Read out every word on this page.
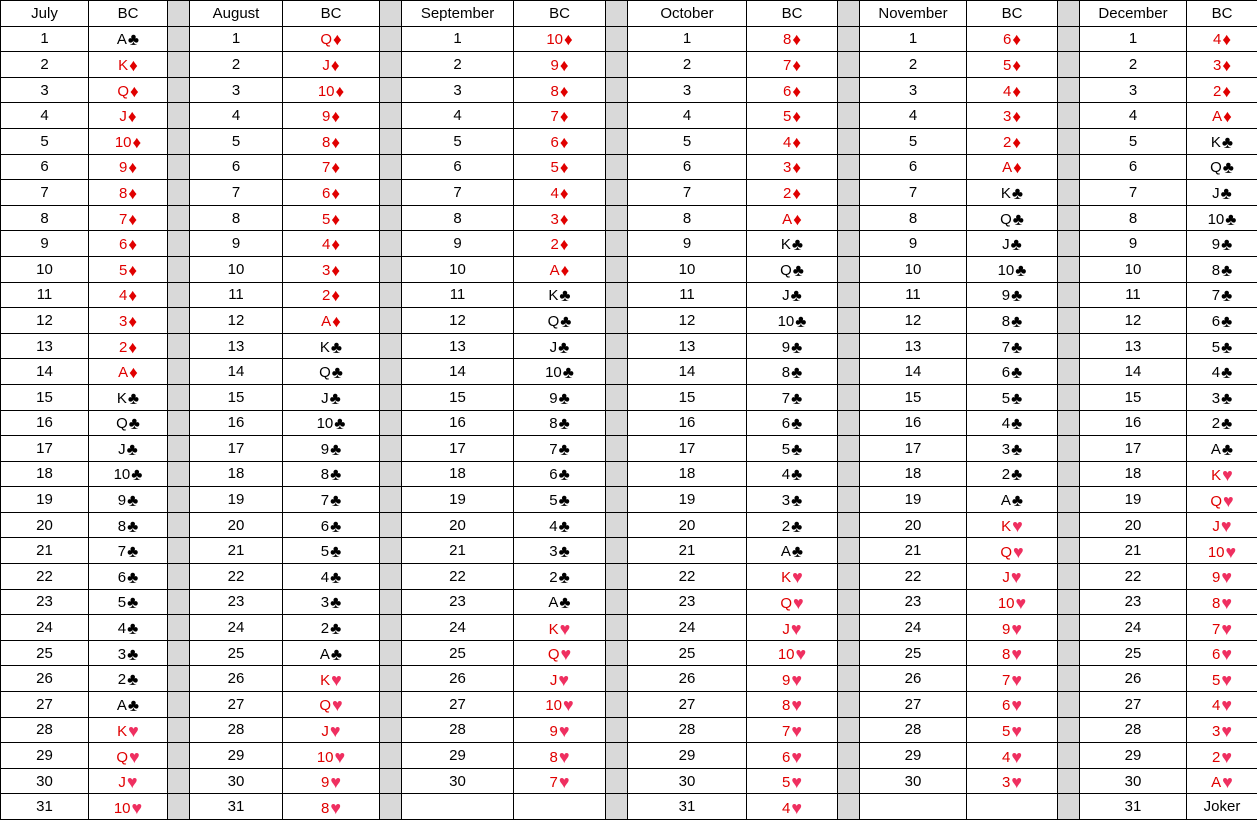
July	BC		August	BC		September	BC		October	BC		November	BC		December	BC
1	A♣		1	Q♦		1	10♦		1	8♦		1	6♦		1	4♦
2	K♦		2	J♦		2	9♦		2	7♦		2	5♦		2	3♦
3	Q♦		3	10♦		3	8♦		3	6♦		3	4♦		3	2♦
4	J♦		4	9♦		4	7♦		4	5♦		4	3♦		4	A♦
5	10♦		5	8♦		5	6♦		5	4♦		5	2♦		5	K♣
6	9♦		6	7♦		6	5♦		6	3♦		6	A♦		6	Q♣
7	8♦		7	6♦		7	4♦		7	2♦		7	K♣		7	J♣
8	7♦		8	5♦		8	3♦		8	A♦		8	Q♣		8	10♣
9	6♦		9	4♦		9	2♦		9	K♣		9	J♣		9	9♣
10	5♦		10	3♦		10	A♦		10	Q♣		10	10♣		10	8♣
11	4♦		11	2♦		11	K♣		11	J♣		11	9♣		11	7♣
12	3♦		12	A♦		12	Q♣		12	10♣		12	8♣		12	6♣
13	2♦		13	K♣		13	J♣		13	9♣		13	7♣		13	5♣
14	A♦		14	Q♣		14	10♣		14	8♣		14	6♣		14	4♣
15	K♣		15	J♣		15	9♣		15	7♣		15	5♣		15	3♣
16	Q♣		16	10♣		16	8♣		16	6♣		16	4♣		16	2♣
17	J♣		17	9♣		17	7♣		17	5♣		17	3♣		17	A♣
18	10♣		18	8♣		18	6♣		18	4♣		18	2♣		18	K♥
19	9♣		19	7♣		19	5♣		19	3♣		19	A♣		19	Q♥
20	8♣		20	6♣		20	4♣		20	2♣		20	K♥		20	J♥
21	7♣		21	5♣		21	3♣		21	A♣		21	Q♥		21	10♥
22	6♣		22	4♣		22	2♣		22	K♥		22	J♥		22	9♥
23	5♣		23	3♣		23	A♣		23	Q♥		23	10♥		23	8♥
24	4♣		24	2♣		24	K♥		24	J♥		24	9♥		24	7♥
25	3♣		25	A♣		25	Q♥		25	10♥		25	8♥		25	6♥
26	2♣		26	K♥		26	J♥		26	9♥		26	7♥		26	5♥
27	A♣		27	Q♥		27	10♥		27	8♥		27	6♥		27	4♥
28	K♥		28	J♥		28	9♥		28	7♥		28	5♥		28	3♥
29	Q♥		29	10♥		29	8♥		29	6♥		29	4♥		29	2♥
30	J♥		30	9♥		30	7♥		30	5♥		30	3♥		30	A♥
31	10♥		31	8♥					31	4♥					31	Joker
